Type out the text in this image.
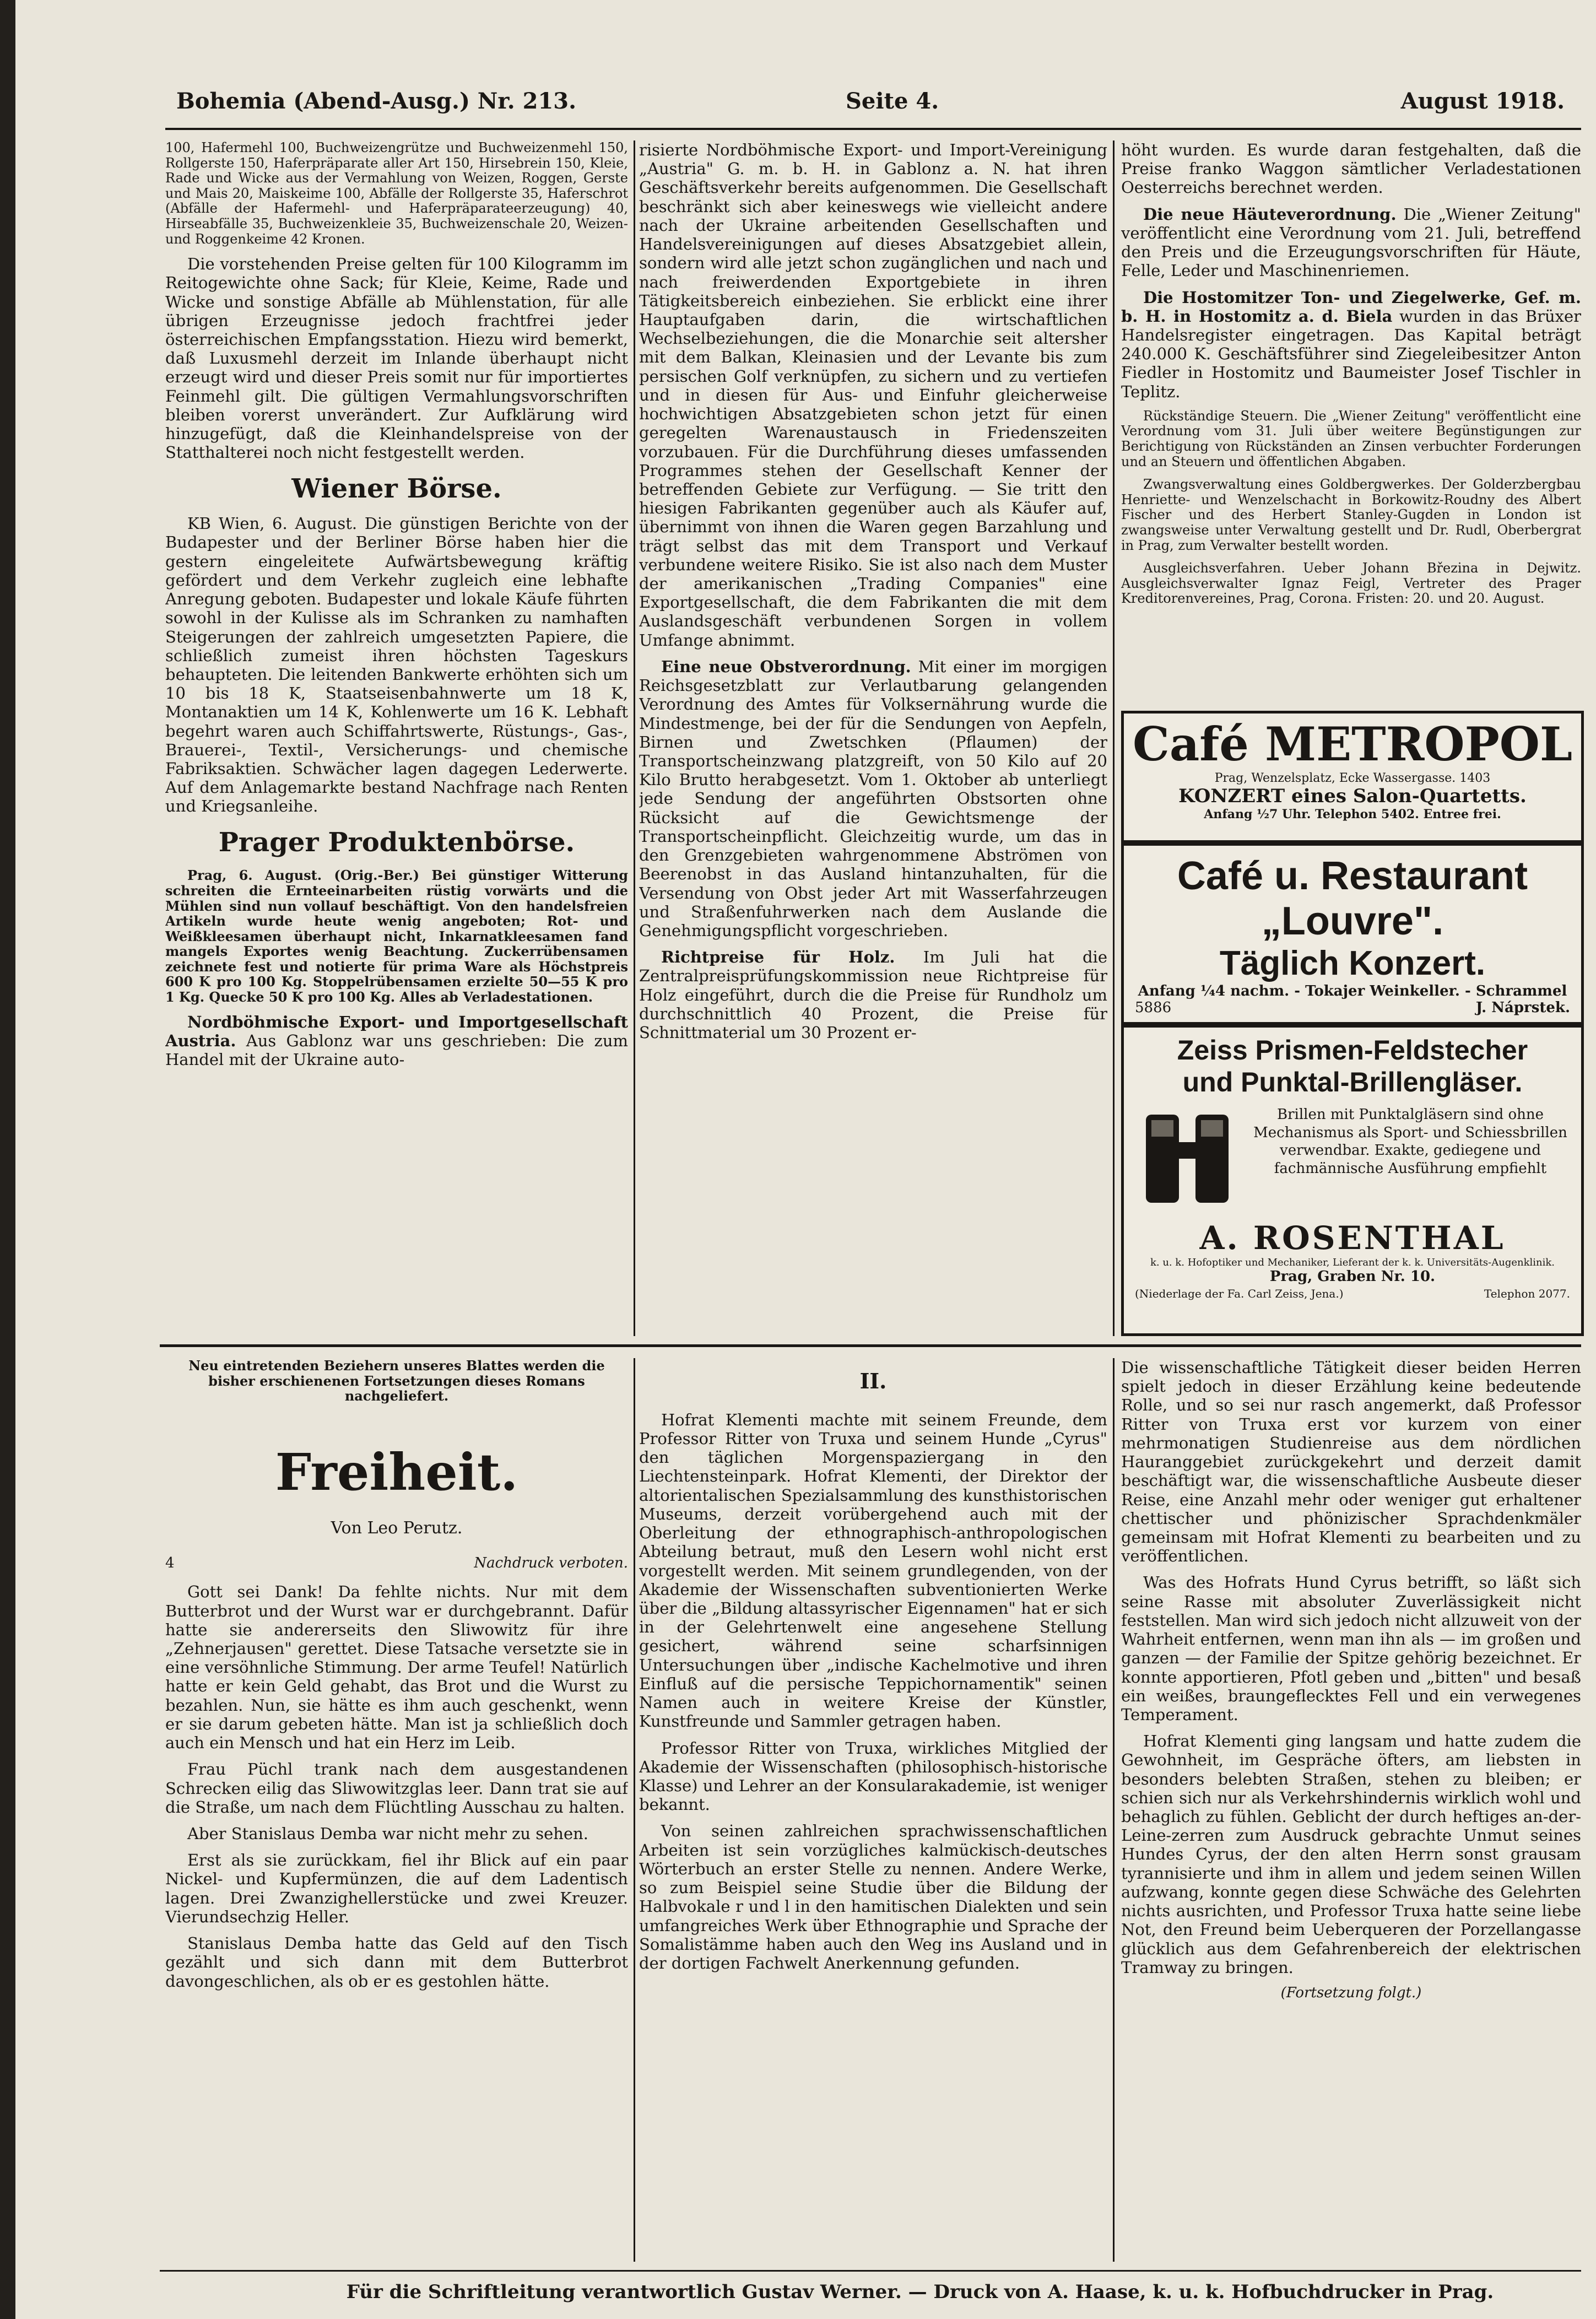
Bohemia (Abend-Ausg.) Nr. 213.	Seite 4.	August 1918.

100, Hafermehl 100, Buchweizengrütze und Buchweizenmehl 150, Rollgerste 150, Haferpräparate aller Art 150, Hirsebrein 150, Kleie, Rade und Wicke aus der Vermahlung von Weizen, Roggen, Gerste und Mais 20, Maiskeime 100, Abfälle der Rollgerste 35, Haferschrot (Abfälle der Hafermehl- und Haferpräparateerzeugung) 40, Hirseabfälle 35, Buchweizenkleie 35, Buchweizenschale 20, Weizen- und Roggenkeime 42 Kronen.

Die vorstehenden Preise gelten für 100 Kilogramm im Reitogewichte ohne Sack; für Kleie, Keime, Rade und Wicke und sonstige Abfälle ab Mühlenstation, für alle übrigen Erzeugnisse jedoch frachtfrei jeder österreichischen Empfangsstation. Hiezu wird bemerkt, daß Luxusmehl derzeit im Inlande überhaupt nicht erzeugt wird und dieser Preis somit nur für importiertes Feinmehl gilt. Die gültigen Vermahlungsvorschriften bleiben vorerst unverändert. Zur Aufklärung wird hinzugefügt, daß die Kleinhandelspreise von der Statthalterei noch nicht festgestellt werden.

Wiener Börse.

KB Wien, 6. August. Die günstigen Berichte von der Budapester und der Berliner Börse haben hier die gestern eingeleitete Aufwärtsbewegung kräftig gefördert und dem Verkehr zugleich eine lebhafte Anregung geboten. Budapester und lokale Käufe führten sowohl in der Kulisse als im Schranken zu namhaften Steigerungen der zahlreich umgesetzten Papiere, die schließlich zumeist ihren höchsten Tageskurs behaupteten. Die leitenden Bankwerte erhöhten sich um 10 bis 18 K, Staatseisenbahnwerte um 18 K, Montanaktien um 14 K, Kohlenwerte um 16 K. Lebhaft begehrt waren auch Schiffahrtswerte, Rüstungs-, Gas-, Brauerei-, Textil-, Versicherungs- und chemische Fabriksaktien. Schwächer lagen dagegen Lederwerte. Auf dem Anlagemarkte bestand Nachfrage nach Renten und Kriegsanleihe.

Prager Produktenbörse.

Prag, 6. August. (Orig.-Ber.) Bei günstiger Witterung schreiten die Ernteeinarbeiten rüstig vorwärts und die Mühlen sind nun vollauf beschäftigt. Von den handelsfreien Artikeln wurde heute wenig angeboten; Rot- und Weißkleesamen überhaupt nicht, Inkarnatkleesamen fand mangels Exportes wenig Beachtung. Zuckerrübensamen zeichnete fest und notierte für prima Ware als Höchstpreis 600 K pro 100 Kg. Stoppelrübensamen erzielte 50—55 K pro 1 Kg. Quecke 50 K pro 100 Kg. Alles ab Verladestationen.

Nordböhmische Export- und Importgesellschaft Austria. Aus Gablonz war uns geschrieben: Die zum Handel mit der Ukraine auto-

risierte Nordböhmische Export- und Import-Vereinigung „Austria" G. m. b. H. in Gablonz a. N. hat ihren Geschäftsverkehr bereits aufgenommen. Die Gesellschaft beschränkt sich aber keineswegs wie vielleicht andere nach der Ukraine arbeitenden Gesellschaften und Handelsvereinigungen auf dieses Absatzgebiet allein, sondern wird alle jetzt schon zugänglichen und nach und nach freiwerdenden Exportgebiete in ihren Tätigkeitsbereich einbeziehen. Sie erblickt eine ihrer Hauptaufgaben darin, die wirtschaftlichen Wechselbeziehungen, die die Monarchie seit altersher mit dem Balkan, Kleinasien und der Levante bis zum persischen Golf verknüpfen, zu sichern und zu vertiefen und in diesen für Aus- und Einfuhr gleicherweise hochwichtigen Absatzgebieten schon jetzt für einen geregelten Warenaustausch in Friedenszeiten vorzubauen. Für die Durchführung dieses umfassenden Programmes stehen der Gesellschaft Kenner der betreffenden Gebiete zur Verfügung. — Sie tritt den hiesigen Fabrikanten gegenüber auch als Käufer auf, übernimmt von ihnen die Waren gegen Barzahlung und trägt selbst das mit dem Transport und Verkauf verbundene weitere Risiko. Sie ist also nach dem Muster der amerikanischen „Trading Companies" eine Exportgesellschaft, die dem Fabrikanten die mit dem Auslandsgeschäft verbundenen Sorgen in vollem Umfange abnimmt.

Eine neue Obstverordnung. Mit einer im morgigen Reichsgesetzblatt zur Verlautbarung gelangenden Verordnung des Amtes für Volksernährung wurde die Mindestmenge, bei der für die Sendungen von Aepfeln, Birnen und Zwetschken (Pflaumen) der Transportscheinzwang platzgreift, von 50 Kilo auf 20 Kilo Brutto herabgesetzt. Vom 1. Oktober ab unterliegt jede Sendung der angeführten Obstsorten ohne Rücksicht auf die Gewichtsmenge der Transportscheinpflicht. Gleichzeitig wurde, um das in den Grenzgebieten wahrgenommene Abströmen von Beerenobst in das Ausland hintanzuhalten, für die Versendung von Obst jeder Art mit Wasserfahrzeugen und Straßenfuhrwerken nach dem Auslande die Genehmigungspflicht vorgeschrieben.

Richtpreise für Holz. Im Juli hat die Zentralpreisprüfungskommission neue Richtpreise für Holz eingeführt, durch die die Preise für Rundholz um durchschnittlich 40 Prozent, die Preise für Schnittmaterial um 30 Prozent er-

höht wurden. Es wurde daran festgehalten, daß die Preise franko Waggon sämtlicher Verladestationen Oesterreichs berechnet werden.

Die neue Häuteverordnung. Die „Wiener Zeitung" veröffentlicht eine Verordnung vom 21. Juli, betreffend den Preis und die Erzeugungsvorschriften für Häute, Felle, Leder und Maschinenriemen.

Die Hostomitzer Ton- und Ziegelwerke, Gef. m. b. H. in Hostomitz a. d. Biela wurden in das Brüxer Handelsregister eingetragen. Das Kapital beträgt 240.000 K. Geschäftsführer sind Ziegeleibesitzer Anton Fiedler in Hostomitz und Baumeister Josef Tischler in Teplitz.

Rückständige Steuern. Die „Wiener Zeitung" veröffentlicht eine Verordnung vom 31. Juli über weitere Begünstigungen zur Berichtigung von Rückständen an Zinsen verbuchter Forderungen und an Steuern und öffentlichen Abgaben.

Zwangsverwaltung eines Goldbergwerkes. Der Golderzbergbau Henriette- und Wenzelschacht in Borkowitz-Roudny des Albert Fischer und des Herbert Stanley-Gugden in London ist zwangsweise unter Verwaltung gestellt und Dr. Rudl, Oberbergrat in Prag, zum Verwalter bestellt worden.

Ausgleichsverfahren. Ueber Johann Březina in Dejwitz. Ausgleichsverwalter Ignaz Feigl, Vertreter des Prager Kreditorenvereines, Prag, Corona. Fristen: 20. und 20. August.

Café METROPOL
Prag, Wenzelsplatz, Ecke Wassergasse. 1403
KONZERT eines Salon-Quartetts.
Anfang ½7 Uhr. Telephon 5402. Entree frei.
Café u. Restaurant „Louvre".
Täglich Konzert.
Anfang ¼4 nachm. - Tokajer Weinkeller. - Schrammel
5886	J. Náprstek.
Zeiss Prismen-Feldstecher
und Punktal-Brillengläser.
Brillen mit Punktalgläsern sind ohne Mechanismus als Sport- und Schiessbrillen verwendbar. Exakte, gediegene und fachmännische Ausführung empfiehlt
A. ROSENTHAL
k. u. k. Hofoptiker und Mechaniker, Lieferant der k. k. Universitäts-Augenklinik.
Prag, Graben Nr. 10.
(Niederlage der Fa. Carl Zeiss, Jena.)	Telephon 2077.

Neu eintretenden Beziehern unseres Blattes werden die bisher erschienenen Fortsetzungen dieses Romans nachgeliefert.

Freiheit.
Von Leo Perutz.
4	Nachdruck verboten.

Gott sei Dank! Da fehlte nichts. Nur mit dem Butterbrot und der Wurst war er durchgebrannt. Dafür hatte sie andererseits den Sliwowitz für ihre „Zehnerjausen" gerettet. Diese Tatsache versetzte sie in eine versöhnliche Stimmung. Der arme Teufel! Natürlich hatte er kein Geld gehabt, das Brot und die Wurst zu bezahlen. Nun, sie hätte es ihm auch geschenkt, wenn er sie darum gebeten hätte. Man ist ja schließlich doch auch ein Mensch und hat ein Herz im Leib.

Frau Püchl trank nach dem ausgestandenen Schrecken eilig das Sliwowitzglas leer. Dann trat sie auf die Straße, um nach dem Flüchtling Ausschau zu halten.

Aber Stanislaus Demba war nicht mehr zu sehen.

Erst als sie zurückkam, fiel ihr Blick auf ein paar Nickel- und Kupfermünzen, die auf dem Ladentisch lagen. Drei Zwanzighellerstücke und zwei Kreuzer. Vierundsechzig Heller.

Stanislaus Demba hatte das Geld auf den Tisch gezählt und sich dann mit dem Butterbrot davongeschlichen, als ob er es gestohlen hätte.

II.

Hofrat Klementi machte mit seinem Freunde, dem Professor Ritter von Truxa und seinem Hunde „Cyrus" den täglichen Morgenspaziergang in den Liechtensteinpark. Hofrat Klementi, der Direktor der altorientalischen Spezialsammlung des kunsthistorischen Museums, derzeit vorübergehend auch mit der Oberleitung der ethnographisch-anthropologischen Abteilung betraut, muß den Lesern wohl nicht erst vorgestellt werden. Mit seinem grundlegenden, von der Akademie der Wissenschaften subventionierten Werke über die „Bildung altassyrischer Eigennamen" hat er sich in der Gelehrtenwelt eine angesehene Stellung gesichert, während seine scharfsinnigen Untersuchungen über „indische Kachelmotive und ihren Einfluß auf die persische Teppichornamentik" seinen Namen auch in weitere Kreise der Künstler, Kunstfreunde und Sammler getragen haben.

Professor Ritter von Truxa, wirkliches Mitglied der Akademie der Wissenschaften (philosophisch-historische Klasse) und Lehrer an der Konsularakademie, ist weniger bekannt.

Von seinen zahlreichen sprachwissenschaftlichen Arbeiten ist sein vorzügliches kalmückisch-deutsches Wörterbuch an erster Stelle zu nennen. Andere Werke, so zum Beispiel seine Studie über die Bildung der Halbvokale r und l in den hamitischen Dialekten und sein umfangreiches Werk über Ethnographie und Sprache der Somalistämme haben auch den Weg ins Ausland und in der dortigen Fachwelt Anerkennung gefunden.

Die wissenschaftliche Tätigkeit dieser beiden Herren spielt jedoch in dieser Erzählung keine bedeutende Rolle, und so sei nur rasch angemerkt, daß Professor Ritter von Truxa erst vor kurzem von einer mehrmonatigen Studienreise aus dem nördlichen Hauranggebiet zurückgekehrt und derzeit damit beschäftigt war, die wissenschaftliche Ausbeute dieser Reise, eine Anzahl mehr oder weniger gut erhaltener chettischer und phönizischer Sprachdenkmäler gemeinsam mit Hofrat Klementi zu bearbeiten und zu veröffentlichen.

Was des Hofrats Hund Cyrus betrifft, so läßt sich seine Rasse mit absoluter Zuverlässigkeit nicht feststellen. Man wird sich jedoch nicht allzuweit von der Wahrheit entfernen, wenn man ihn als — im großen und ganzen — der Familie der Spitze gehörig bezeichnet. Er konnte apportieren, Pfotl geben und „bitten" und besaß ein weißes, braungeflecktes Fell und ein verwegenes Temperament.

Hofrat Klementi ging langsam und hatte zudem die Gewohnheit, im Gespräche öfters, am liebsten in besonders belebten Straßen, stehen zu bleiben; er schien sich nur als Verkehrshindernis wirklich wohl und behaglich zu fühlen. Geblicht der durch heftiges an-der-Leine-zerren zum Ausdruck gebrachte Unmut seines Hundes Cyrus, der den alten Herrn sonst grausam tyrannisierte und ihm in allem und jedem seinen Willen aufzwang, konnte gegen diese Schwäche des Gelehrten nichts ausrichten, und Professor Truxa hatte seine liebe Not, den Freund beim Ueberqueren der Porzellangasse glücklich aus dem Gefahrenbereich der elektrischen Tramway zu bringen.

(Fortsetzung folgt.)
Für die Schriftleitung verantwortlich Gustav Werner. — Druck von A. Haase, k. u. k. Hofbuchdrucker in Prag.
